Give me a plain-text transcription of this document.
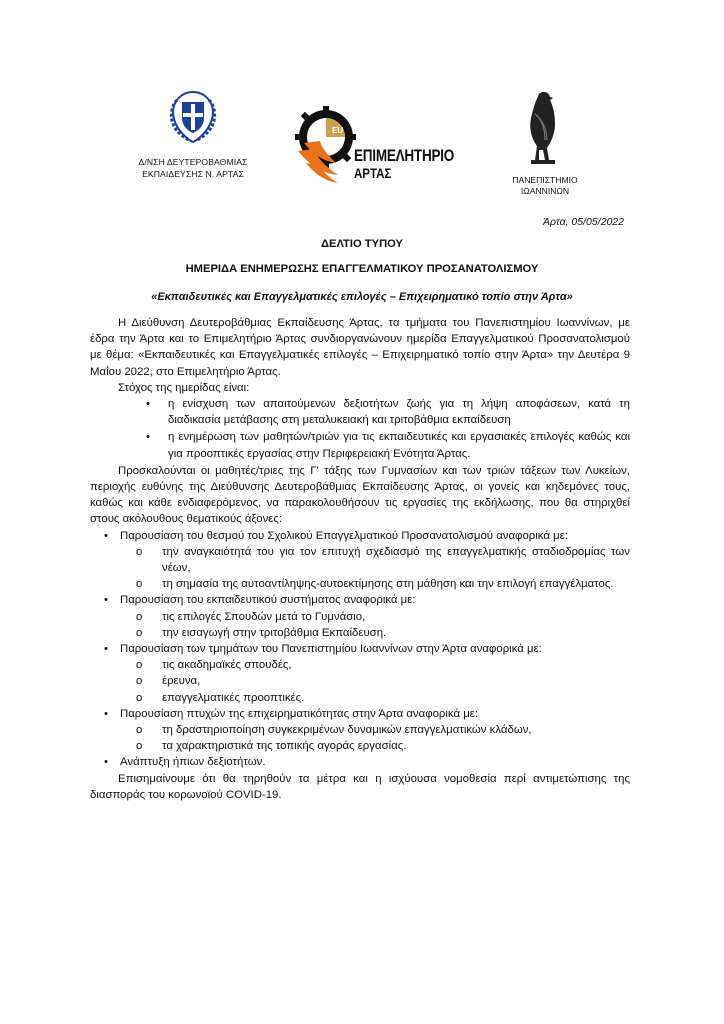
Δ/ΝΣΗ ΔΕΥΤΕΡΟΒΑΘΜΙΑΣ
ΕΚΠΑΙΔΕΥΣΗΣ Ν. ΑΡΤΑΣ
EU
ΕΠΙΜΕΛΗΤΗΡΙΟ
ΑΡΤΑΣ	ΠΑΝΕΠΙΣΤΗΜΙΟ
ΙΩΑΝΝΙΝΩΝ
Άρτα, 05/05/2022
ΔΕΛΤΙΟ ΤΥΠΟΥ
ΗΜΕΡΙΔΑ ΕΝΗΜΕΡΩΣΗΣ ΕΠΑΓΓΕΛΜΑΤΙΚΟΥ ΠΡΟΣΑΝΑΤΟΛΙΣΜΟΥ
«Εκπαιδευτικές και Επαγγελματικές επιλογές – Επιχειρηματικό τοπίο στην Άρτα»

Η Διεύθυνση Δευτεροβάθμιας Εκπαίδευσης Άρτας, τα τμήματα του Πανεπιστημίου Ιωαννίνων, με έδρα την Άρτα και το Επιμελητήριο Άρτας συνδιοργανώνουν ημερίδα Επαγγελματικού Προσανατολισμού με θέμα: «Εκπαιδευτικές και Επαγγελματικές επιλογές – Επιχειρηματικό τοπίο στην Άρτα» την Δευτέρα 9 Μαΐου 2022, στο Επιμελητήριο Άρτας.

Στόχος της ημερίδας είναι:

• η ενίσχυση των απαιτούμενων δεξιοτήτων ζωής για τη λήψη αποφάσεων, κατά τη διαδικασία μετάβασης στη μεταλυκειακή και τριτοβάθμια εκπαίδευση
• η ενημέρωση των μαθητών/τριών για τις εκπαιδευτικές και εργασιακές επιλογές καθώς και για προοπτικές εργασίας στην Περιφερειακή Ενότητα Άρτας.

Προσκαλούνται οι μαθητές/τριες της Γ' τάξης των Γυμνασίων και των τριών τάξεων των Λυκείων, περιοχής ευθύνης της Διεύθυνσης Δευτεροβάθμιας Εκπαίδευσης Άρτας, οι γονείς και κηδεμόνες τους, καθώς και κάθε ενδιαφερόμενος, να παρακολουθήσουν τις εργασίες της εκδήλωσης, που θα στηριχθεί στους ακόλουθους θεματικούς άξονες:

• Παρουσίαση του θεσμού του Σχολικού Επαγγελματικού Προσανατολισμού αναφορικά με:
o την αναγκαιότητά του για τον επιτυχή σχεδιασμό της επαγγελματικής σταδιοδρομίας των νέων,
o τη σημασία της αυτοαντίληψης-αυτοεκτίμησης στη μάθηση και την επιλογή επαγγέλματος.
• Παρουσίαση του εκπαιδευτικού συστήματος αναφορικά με:
o τις επιλογές Σπουδών μετά το Γυμνάσιο,
o την εισαγωγή στην τριτοβάθμια Εκπαίδευση.
• Παρουσίαση των τμημάτων του Πανεπιστημίου Ιωαννίνων στην Άρτα αναφορικά με:
o τις ακαδημαϊκές σπουδές,
o έρευνα,
o επαγγελματικές προοπτικές.
• Παρουσίαση πτυχών της επιχειρηματικότητας στην Άρτα αναφορικά με:
o τη δραστηριοποίηση συγκεκριμένων δυναμικών επαγγελματικών κλάδων,
o τα χαρακτηριστικά της τοπικής αγοράς εργασίας.
• Ανάπτυξη ήπιων δεξιοτήτων.

Επισημαίνουμε ότι θα τηρηθούν τα μέτρα και η ισχύουσα νομοθεσία περί αντιμετώπισης της διασποράς του κορωνοϊού COVID-19.
